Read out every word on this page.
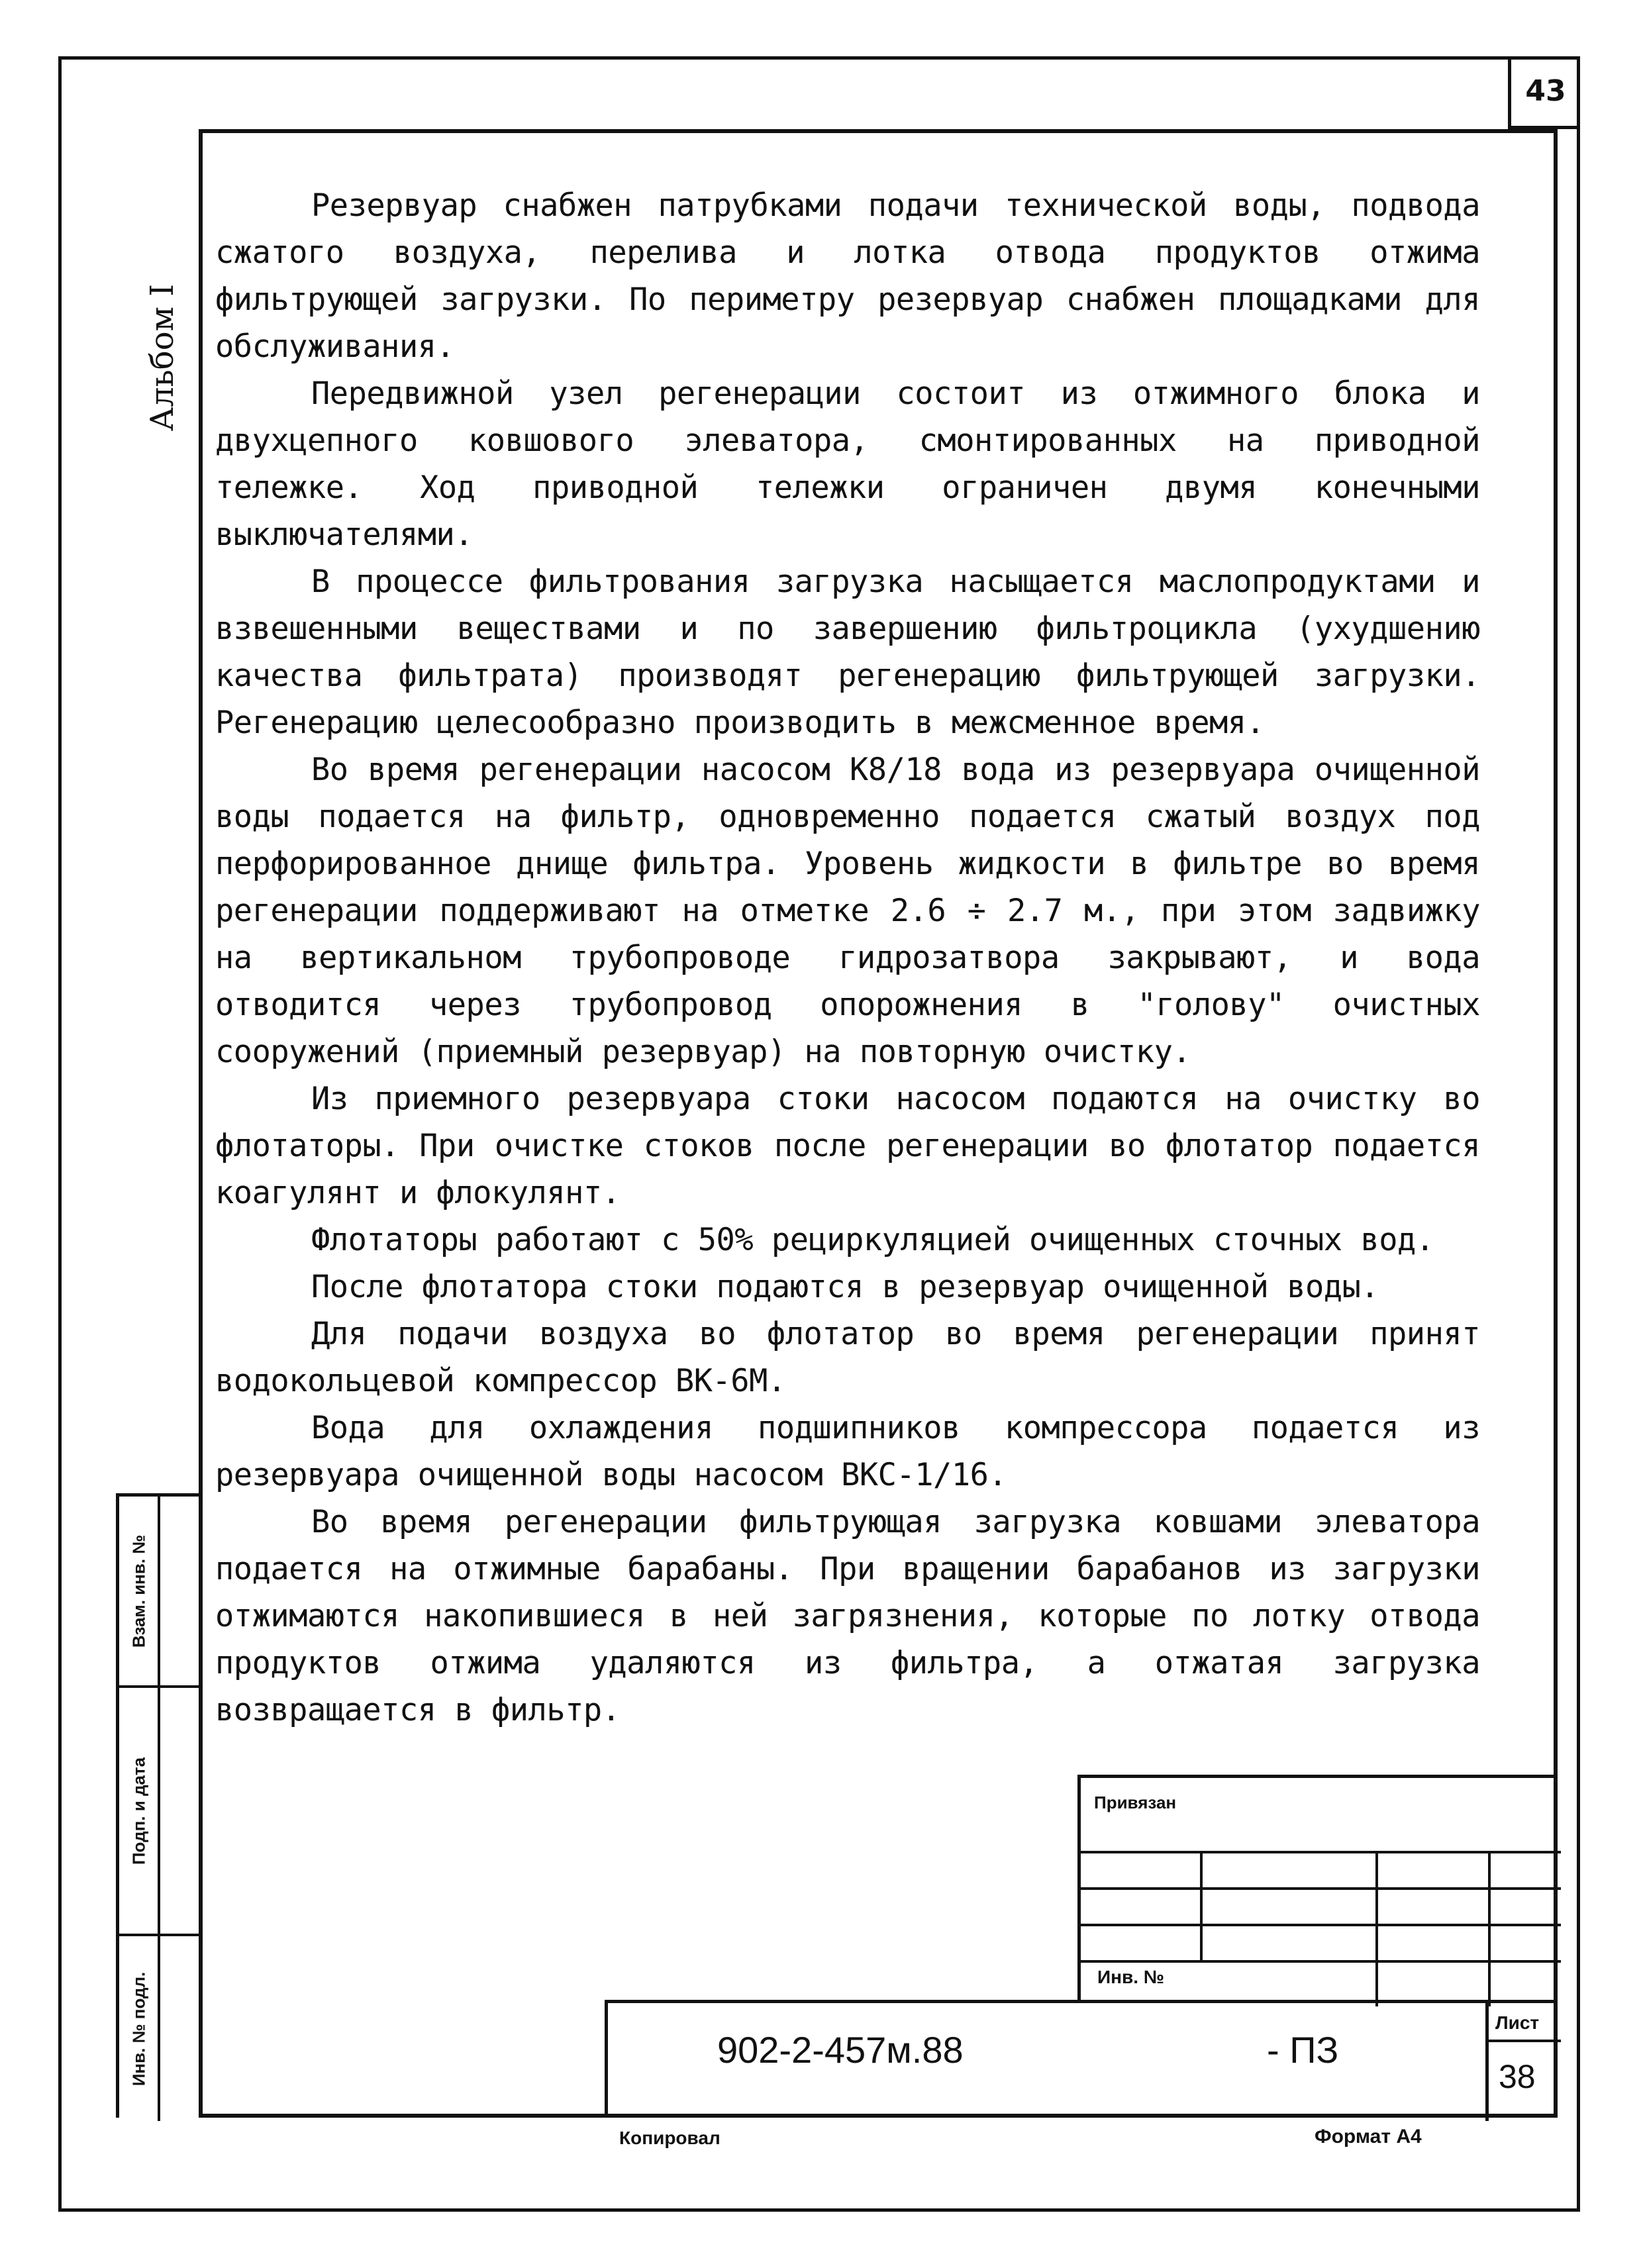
43
Альбом I

Резервуар снабжен патрубками подачи технической воды, подвода сжатого воздуха, перелива и лотка отвода продуктов отжима фильтрующей загрузки. По периметру резервуар снабжен площадками для обслуживания.

Передвижной узел регенерации состоит из отжимного блока и двухцепного ковшового элеватора, смонтированных на приводной тележке. Ход приводной тележки ограничен двумя конечными выключателями.

В процессе фильтрования загрузка насыщается маслопродуктами и взвешенными веществами и по завершению фильтроцикла (ухудшению качества фильтрата) производят регенерацию фильтрующей загрузки. Регенерацию целесообразно производить в межсменное время.

Во время регенерации насосом К8/18 вода из резервуара очищенной воды подается на фильтр, одновременно подается сжатый воздух под перфорированное днище фильтра. Уровень жидкости в фильтре во время регенерации поддерживают на отметке 2.6 ÷ 2.7 м., при этом задвижку на вертикальном трубопроводе гидрозатвора закрывают, и вода отводится через трубопровод опорожнения в "голову" очистных сооружений (приемный резервуар) на повторную очистку.

Из приемного резервуара стоки насосом подаются на очистку во флотаторы. При очистке стоков после регенерации во флотатор подается коагулянт и флокулянт.

Флотаторы работают с 50% рециркуляцией очищенных сточных вод.

После флотатора стоки подаются в резервуар очищенной воды.

Для подачи воздуха во флотатор во время регенерации принят водокольцевой компрессор ВК-6М.

Вода для охлаждения подшипников компрессора подается из резервуара очищенной воды насосом ВКС-1/16.

Во время регенерации фильтрующая загрузка ковшами элеватора подается на отжимные барабаны. При вращении барабанов из загрузки отжимаются накопившиеся в ней загрязнения, которые по лотку отвода продуктов отжима удаляются из фильтра, а отжатая загрузка возвращается в фильтр.

Взам. инв. №
Подп. и дата
Инв. № подл.
Привязан
Инв. №
902-2-457м.88	- ПЗ
Лист
38
Копировал	Формат А4
